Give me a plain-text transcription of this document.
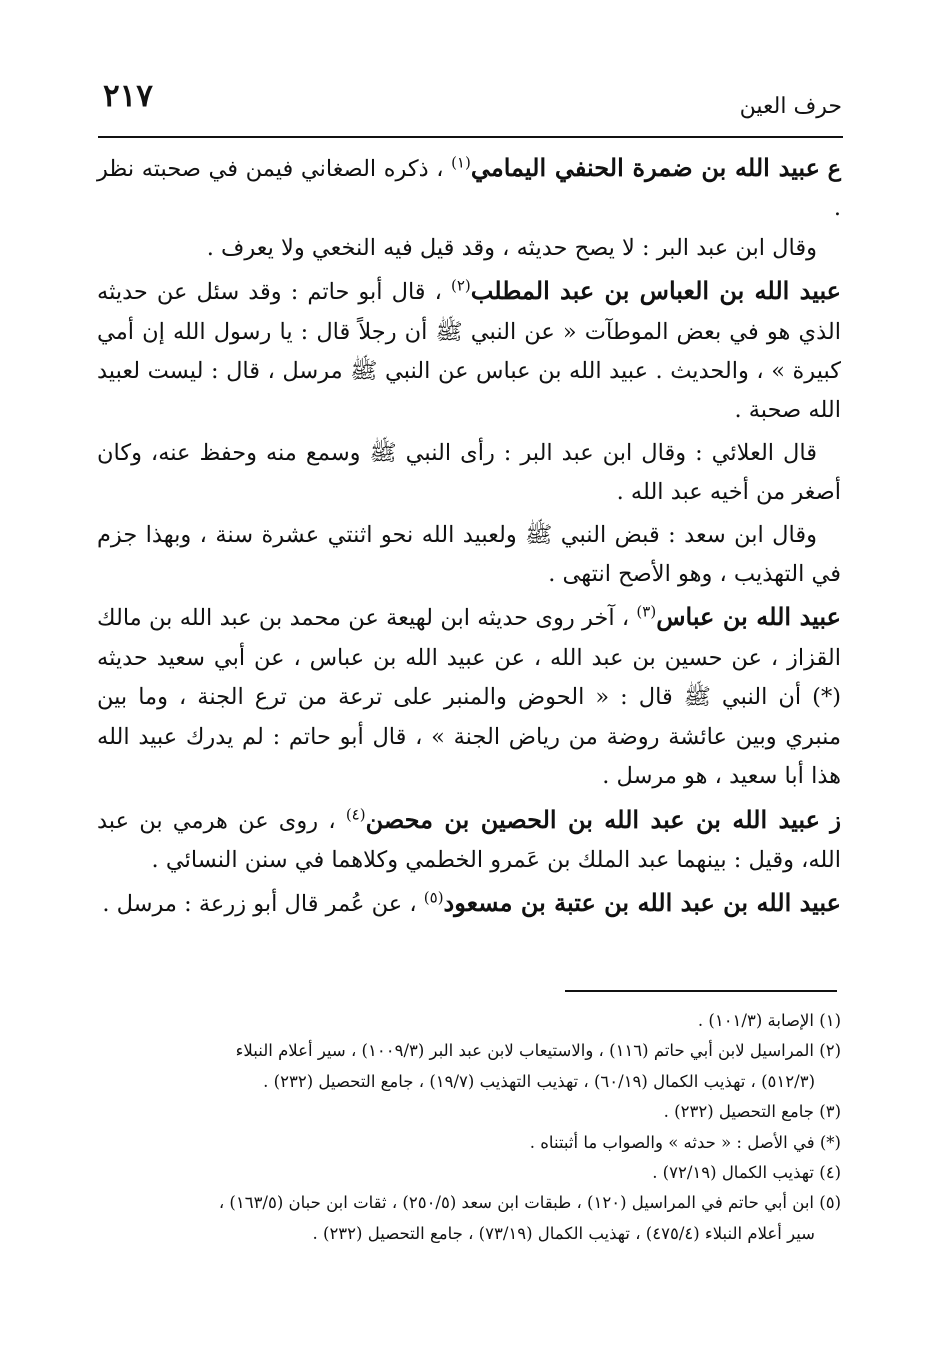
٢١٧	حرف العين

ع عبيد الله بن ضمرة الحنفي اليمامي$^{(١)}$ ، ذكره الصغاني فيمن في صحبته نظر .

وقال ابن عبد البر : لا يصح حديثه ، وقد قيل فيه النخعي ولا يعرف .

عبيد الله بن العباس بن عبد المطلب$^{(٢)}$ ، قال أبو حاتم : وقد سئل عن حديثه الذي هو في بعض الموطآت « عن النبي ﷺ أن رجلاً قال : يا رسول الله إن أمي كبيرة » ، والحديث . عبيد الله بن عباس عن النبي ﷺ مرسل ، قال : ليست لعبيد الله صحبة .

قال العلائي : وقال ابن عبد البر : رأى النبي ﷺ وسمع منه وحفظ عنه، وكان أصغر من أخيه عبد الله .

وقال ابن سعد : قبض النبي ﷺ ولعبيد الله نحو اثنتي عشرة سنة ، وبهذا جزم في التهذيب ، وهو الأصح انتهى .

عبيد الله بن عباس$^{(٣)}$ ، آخر روى حديثه ابن لهيعة عن محمد بن عبد الله بن مالك القزاز ، عن حسين بن عبد الله ، عن عبيد الله بن عباس ، عن أبي سعيد حديثه (*) أن النبي ﷺ قال : « الحوض والمنبر على ترعة من ترع الجنة ، وما بين منبري وبين عائشة روضة من رياض الجنة » ، قال أبو حاتم : لم يدرك عبيد الله هذا أبا سعيد ، هو مرسل .

ز عبيد الله بن عبد الله بن الحصين بن محصن$^{(٤)}$ ، روى عن هرمي بن عبد الله، وقيل : بينهما عبد الملك بن عَمرو الخطمي وكلاهما في سنن النسائي .

عبيد الله بن عبد الله بن عتبة بن مسعود$^{(٥)}$ ، عن عُمر قال أبو زرعة : مرسل .

(١) الإصابة (١٠١/٣) .

(٢) المراسيل لابن أبي حاتم (١١٦) ، والاستيعاب لابن عبد البر (١٠٠٩/٣) ، سير أعلام النبلاء

(٥١٢/٣) ، تهذيب الكمال (٦٠/١٩) ، تهذيب التهذيب (١٩/٧) ، جامع التحصيل (٢٣٢) .

(٣) جامع التحصيل (٢٣٢) .

(*) في الأصل : « حدثه » والصواب ما أثبتناه .

(٤) تهذيب الكمال (٧٢/١٩) .

(٥) ابن أبي حاتم في المراسيل (١٢٠) ، طبقات ابن سعد (٢٥٠/٥) ، ثقات ابن حبان (١٦٣/٥) ،

سير أعلام النبلاء (٤٧٥/٤) ، تهذيب الكمال (٧٣/١٩) ، جامع التحصيل (٢٣٢) .
